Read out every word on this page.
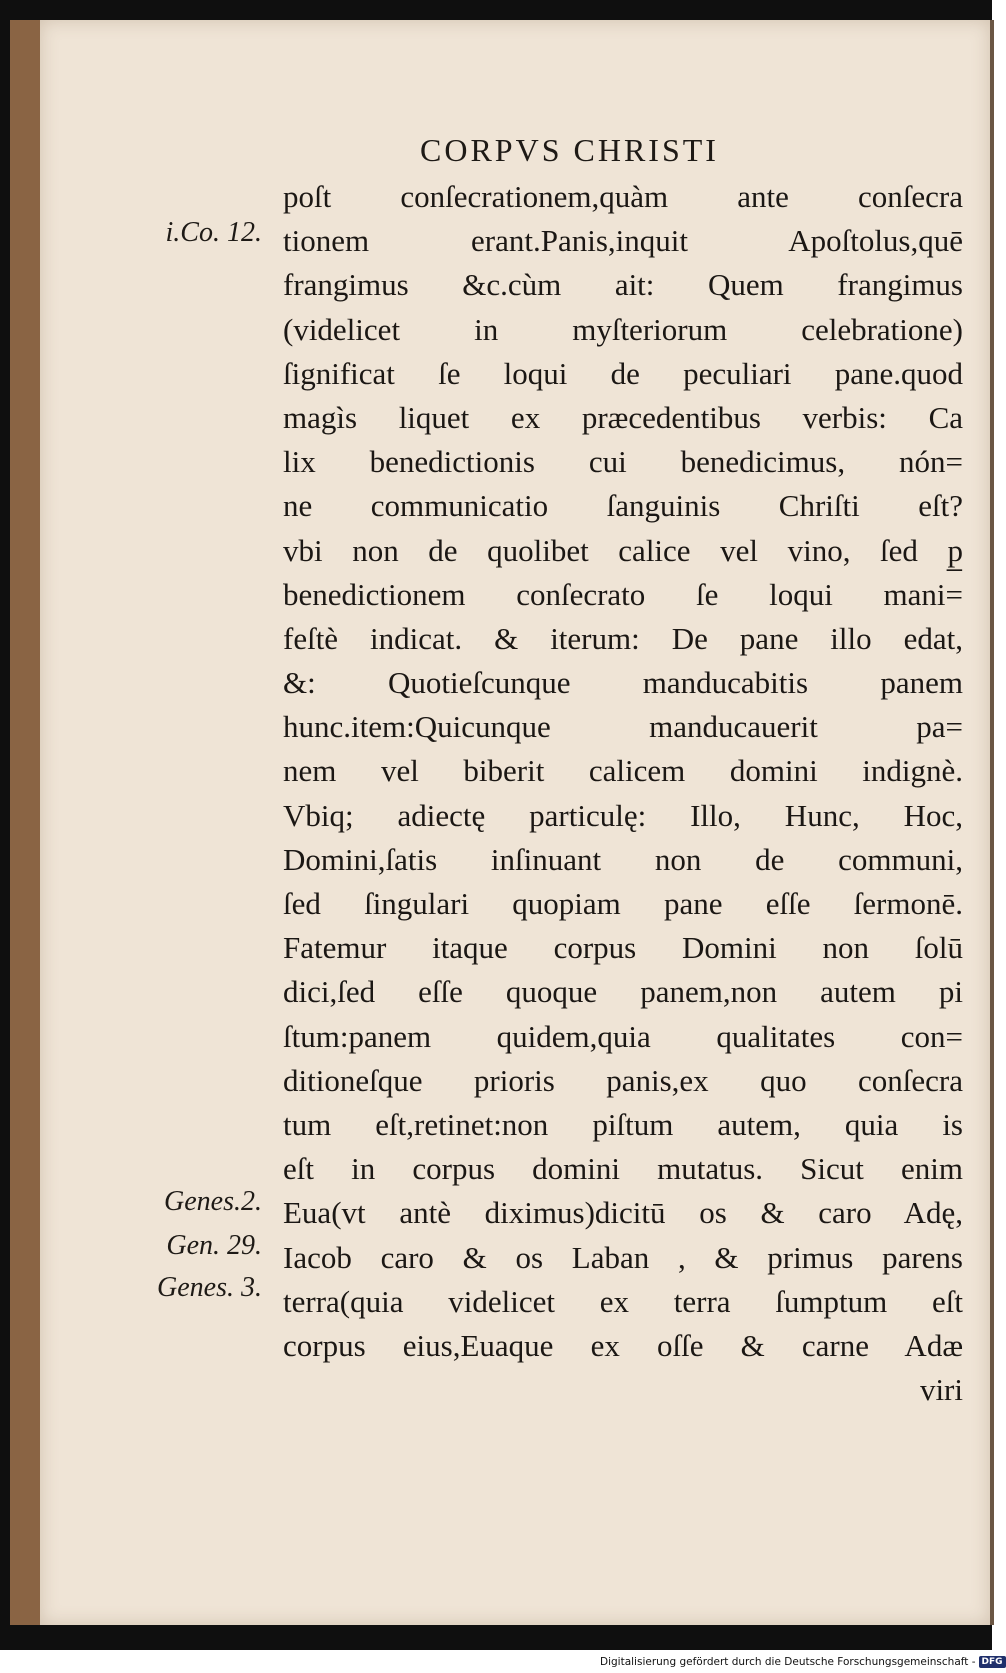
CORPVS CHRISTI
i.Co. 12.
Genes.2.
Gen. 29.
Genes. 3.
poſt conſecrationem,quàm ante conſecra
tionem erant.Panis,inquit Apoſtolus,quē
frangimus &c.cùm ait: Quem frangimus
(videlicet in myſteriorum celebratione)
ſignificat ſe loqui de peculiari pane.quod
magìs liquet ex præcedentibus verbis: Ca
lix benedictionis cui benedicimus, nón=
ne communicatio ſanguinis Chriſti eſt?
vbi non de quolibet calice vel vino, ſed p̲
benedictionem conſecrato ſe loqui mani=
feſtè indicat. & iterum: De pane illo edat,
&: Quotieſcunque manducabitis panem
hunc.item:Quicunque manducauerit pa=
nem vel biberit calicem domini indignè.
Vbiq; adiectę particulę: Illo, Hunc, Hoc,
Domini,ſatis inſinuant non de communi,
ſed ſingulari quopiam pane eſſe ſermonē.
Fatemur itaque corpus Domini non ſolū
dici,ſed eſſe quoque panem,non autem pi
ſtum:panem quidem,quia qualitates con=
ditioneſque prioris panis,ex quo conſecra
tum eſt,retinet:non piſtum autem, quia is
eſt in corpus domini mutatus. Sicut enim
Eua(vt antè diximus)dicitū os & caro Adę,
Iacob caro & os Laban , & primus parens
terra(quia videlicet ex terra ſumptum eſt
corpus eius,Euaque ex oſſe & carne Adæ
viri
Digitalisierung gefördert durch die Deutsche Forschungsgemeinschaft - DFG
